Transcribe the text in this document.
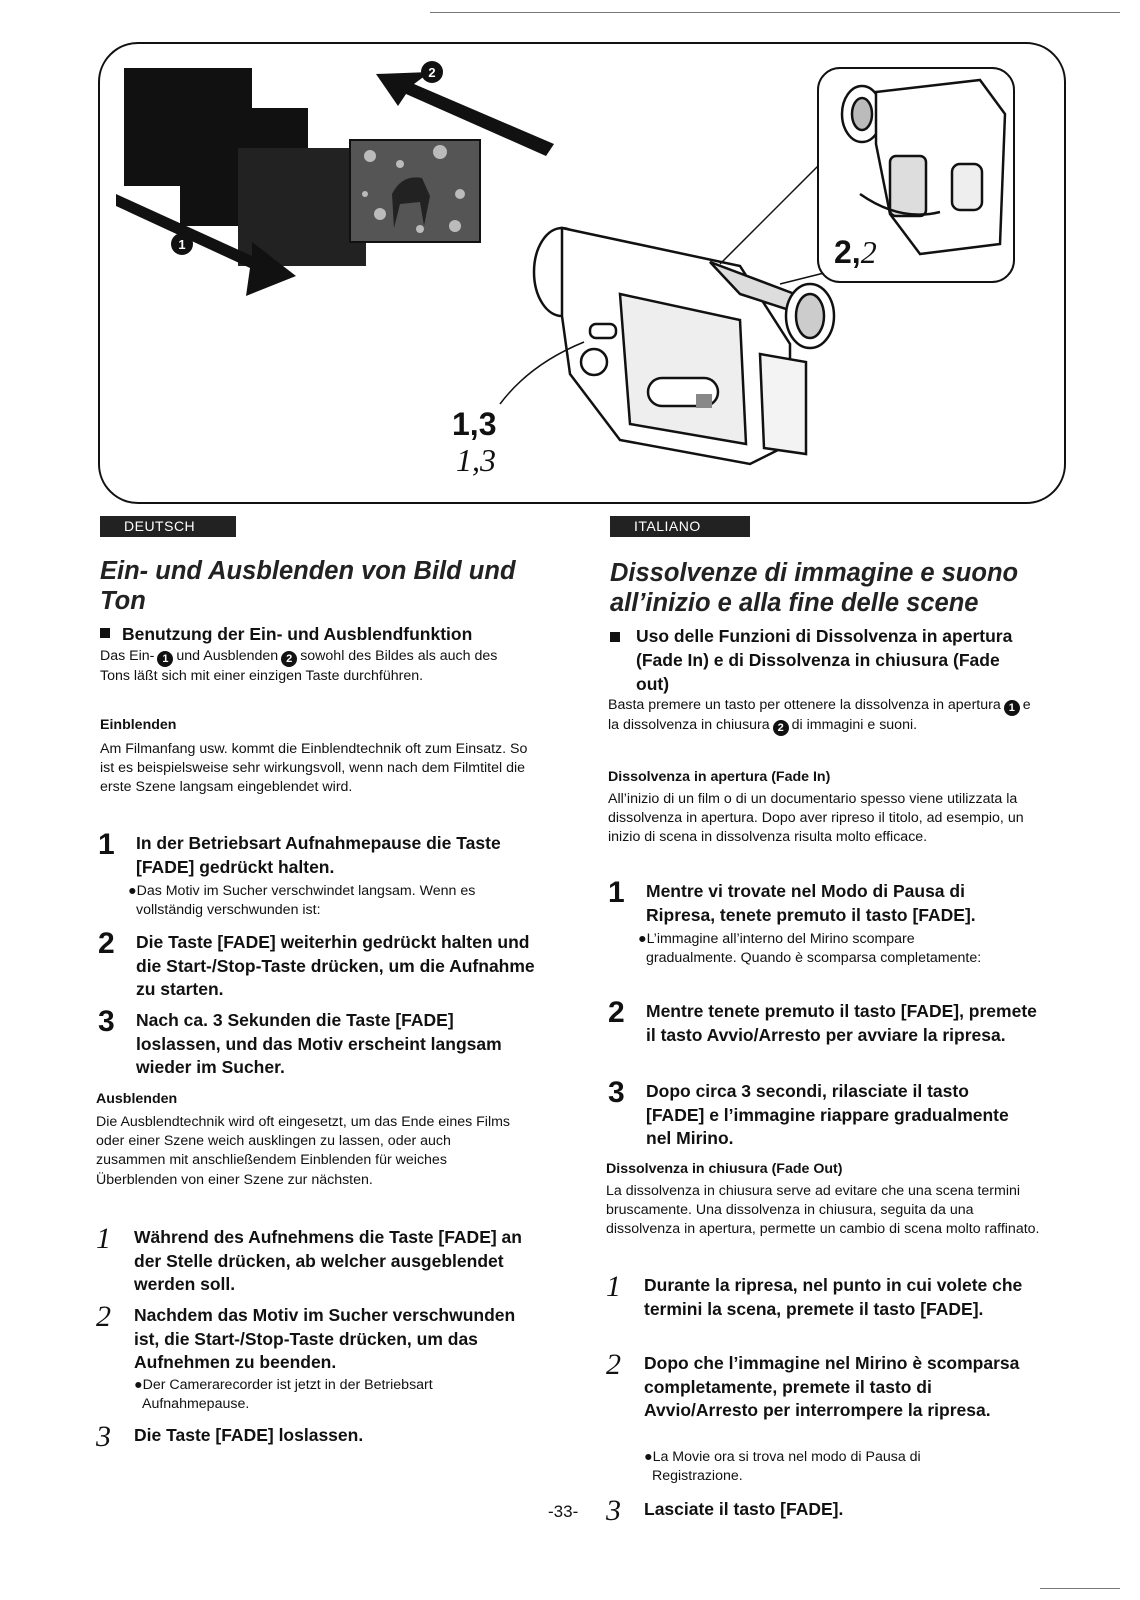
1
2
1,3
1,3
2,2
DEUTSCH
Ein- und Ausblenden von Bild und Ton
Benutzung der Ein- und Ausblendfunktion
Das Ein- 1 und Ausblenden 2 sowohl des Bildes als auch des Tons läßt sich mit einer einzigen Taste durchführen.
Einblenden
Am Filmanfang usw. kommt die Einblendtechnik oft zum Einsatz. So ist es beispielsweise sehr wirkungsvoll, wenn nach dem Filmtitel die erste Szene langsam eingeblendet wird.
1 In der Betriebsart Aufnahmepause die Taste [FADE] gedrückt halten.
●Das Motiv im Sucher verschwindet langsam. Wenn es vollständig verschwunden ist:
2 Die Taste [FADE] weiterhin gedrückt halten und die Start-/Stop-Taste drücken, um die Aufnahme zu starten.
3 Nach ca. 3 Sekunden die Taste [FADE] loslassen, und das Motiv erscheint langsam wieder im Sucher.
Ausblenden
Die Ausblendtechnik wird oft eingesetzt, um das Ende eines Films oder einer Szene weich ausklingen zu lassen, oder auch zusammen mit anschließendem Einblenden für weiches Überblenden von einer Szene zur nächsten.
1 Während des Aufnehmens die Taste [FADE] an der Stelle drücken, ab welcher ausgeblendet werden soll.
2 Nachdem das Motiv im Sucher verschwunden ist, die Start-/Stop-Taste drücken, um das Aufnehmen zu beenden.
●Der Camerarecorder ist jetzt in der Betriebsart Aufnahmepause.
3 Die Taste [FADE] loslassen.
ITALIANO
Dissolvenze di immagine e suono all’inizio e alla fine delle scene
Uso delle Funzioni di Dissolvenza in apertura (Fade In) e di Dissolvenza in chiusura (Fade out)
Basta premere un tasto per ottenere la dissolvenza in apertura 1 e la dissolvenza in chiusura 2 di immagini e suoni.
Dissolvenza in apertura (Fade In)
All’inizio di un film o di un documentario spesso viene utilizzata la dissolvenza in apertura. Dopo aver ripreso il titolo, ad esempio, un inizio di scena in dissolvenza risulta molto efficace.
1 Mentre vi trovate nel Modo di Pausa di Ripresa, tenete premuto il tasto [FADE].
●L’immagine all’interno del Mirino scompare gradualmente. Quando è scomparsa completamente:
2 Mentre tenete premuto il tasto [FADE], premete il tasto Avvio/Arresto per avviare la ripresa.
3 Dopo circa 3 secondi, rilasciate il tasto [FADE] e l’immagine riappare gradualmente nel Mirino.
Dissolvenza in chiusura (Fade Out)
La dissolvenza in chiusura serve ad evitare che una scena termini bruscamente. Una dissolvenza in chiusura, seguita da una dissolvenza in apertura, permette un cambio di scena molto raffinato.
1 Durante la ripresa, nel punto in cui volete che termini la scena, premete il tasto [FADE].
2 Dopo che l’immagine nel Mirino è scomparsa completamente, premete il tasto di Avvio/Arresto per interrompere la ripresa.
●La Movie ora si trova nel modo di Pausa di Registrazione.
-33- 3 Lasciate il tasto [FADE].
